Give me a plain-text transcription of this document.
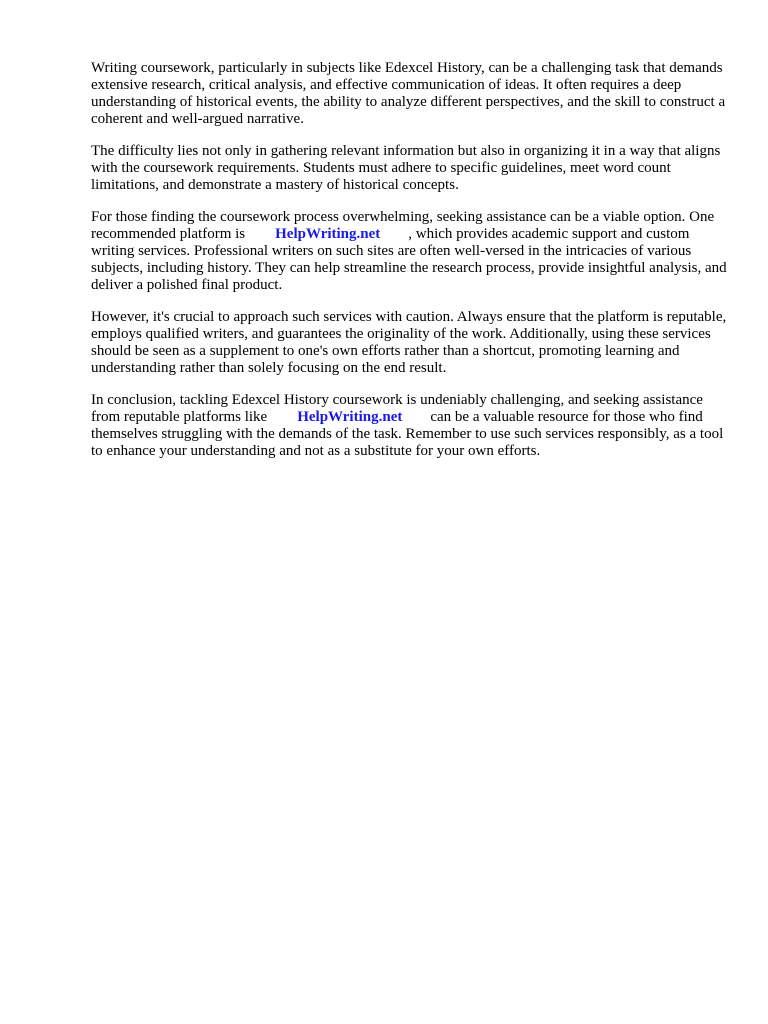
Writing coursework, particularly in subjects like Edexcel History, can be a challenging task that demands extensive research, critical analysis, and effective communication of ideas. It often requires a deep understanding of historical events, the ability to analyze different perspectives, and the skill to construct a coherent and well-argued narrative.

The difficulty lies not only in gathering relevant information but also in organizing it in a way that aligns with the coursework requirements. Students must adhere to specific guidelines, meet word count limitations, and demonstrate a mastery of historical concepts.

For those finding the coursework process overwhelming, seeking assistance can be a viable option. One recommended platform is HelpWriting.net , which provides academic support and custom writing services. Professional writers on such sites are often well-versed in the intricacies of various subjects, including history. They can help streamline the research process, provide insightful analysis, and deliver a polished final product.

However, it's crucial to approach such services with caution. Always ensure that the platform is reputable, employs qualified writers, and guarantees the originality of the work. Additionally, using these services should be seen as a supplement to one's own efforts rather than a shortcut, promoting learning and understanding rather than solely focusing on the end result.

In conclusion, tackling Edexcel History coursework is undeniably challenging, and seeking assistance from reputable platforms like HelpWriting.net can be a valuable resource for those who find themselves struggling with the demands of the task. Remember to use such services responsibly, as a tool to enhance your understanding and not as a substitute for your own efforts.
